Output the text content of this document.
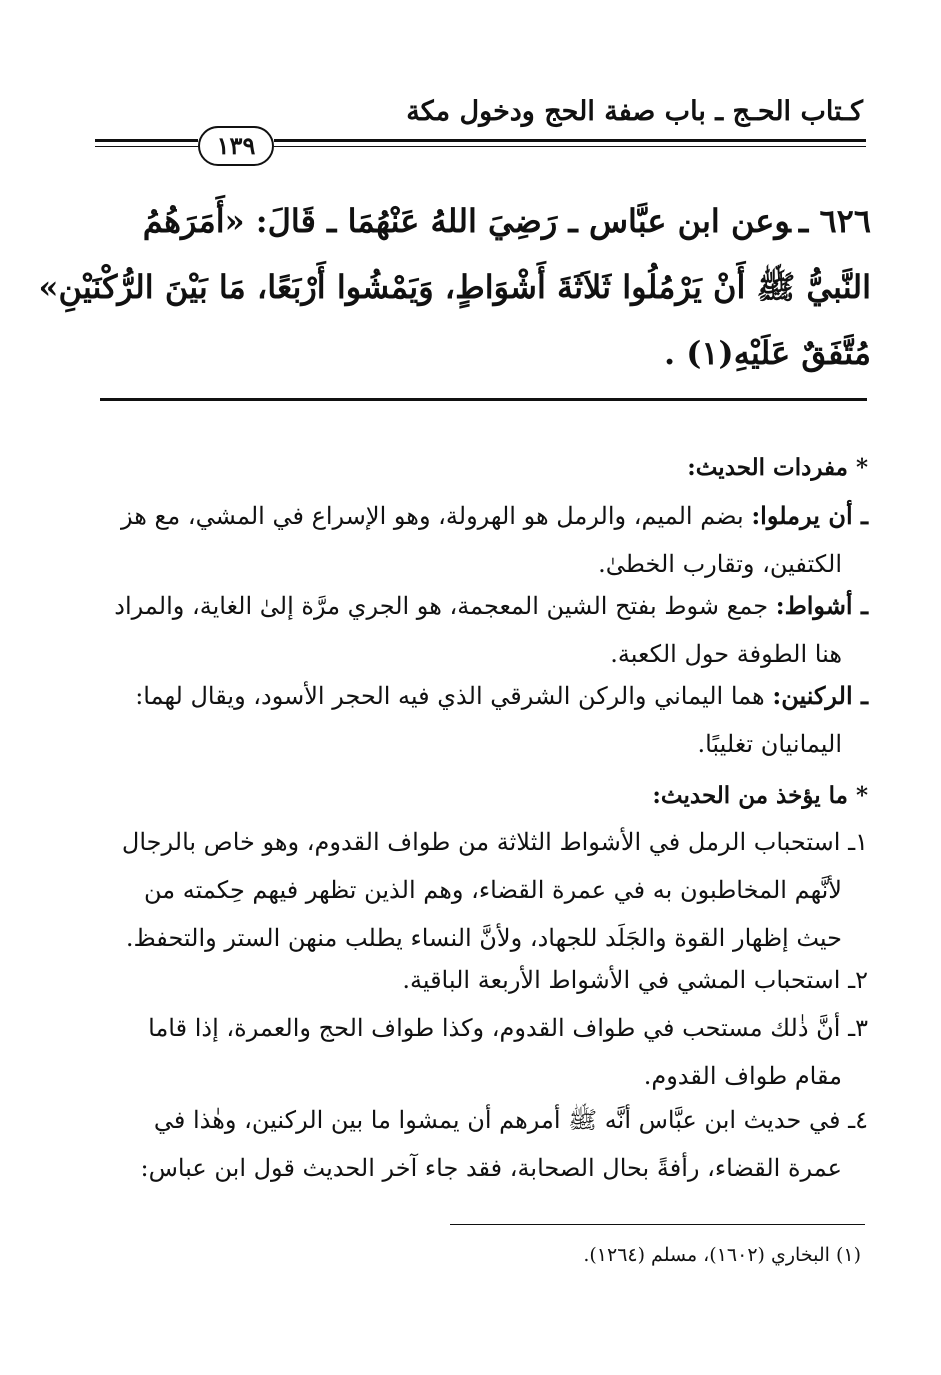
كـتاب الحـج ـ باب صفة الحج ودخول مكة
١٣٩
٦٢٦ ـوعن ابن عبَّاس ـ رَضِيَ اللهُ عَنْهُمَا ـ قَالَ: «أَمَرَهُمُ
النَّبيُّ ﷺ أَنْ يَرْمُلُوا ثَلاَثَةَ أَشْوَاطٍ، وَيَمْشُوا أَرْبَعًا، مَا بَيْنَ الرُّكْنَيْنِ»
مُتَّفَقٌ عَلَيْهِ(١) .
* مفردات الحديث:
ـ أن يرملوا: بضم الميم، والرمل هو الهرولة، وهو الإسراع في المشي، مع هز
الكتفين، وتقارب الخطىٰ.
ـ أشواط: جمع شوط بفتح الشين المعجمة، هو الجري مرَّة إلىٰ الغاية، والمراد
هنا الطوفة حول الكعبة.
ـ الركنين: هما اليماني والركن الشرقي الذي فيه الحجر الأسود، ويقال لهما:
اليمانيان تغليبًا.
* ما يؤخذ من الحديث:
١ـ استحباب الرمل في الأشواط الثلاثة من طواف القدوم، وهو خاص بالرجال
لأنَّهم المخاطبون به في عمرة القضاء، وهم الذين تظهر فيهم حِكمته من
حيث إظهار القوة والجَلَد للجهاد، ولأنَّ النساء يطلب منهن الستر والتحفظ.
٢ـ استحباب المشي في الأشواط الأربعة الباقية.
٣ـ أنَّ ذٰلك مستحب في طواف القدوم، وكذا طواف الحج والعمرة، إذا قاما
مقام طواف القدوم.
٤ـ في حديث ابن عبَّاس أنَّه ﷺ أمرهم أن يمشوا ما بين الركنين، وهٰذا في
عمرة القضاء، رأفةً بحال الصحابة، فقد جاء آخر الحديث قول ابن عباس:
(١) البخاري (١٦٠٢)، مسلم (١٢٦٤).
